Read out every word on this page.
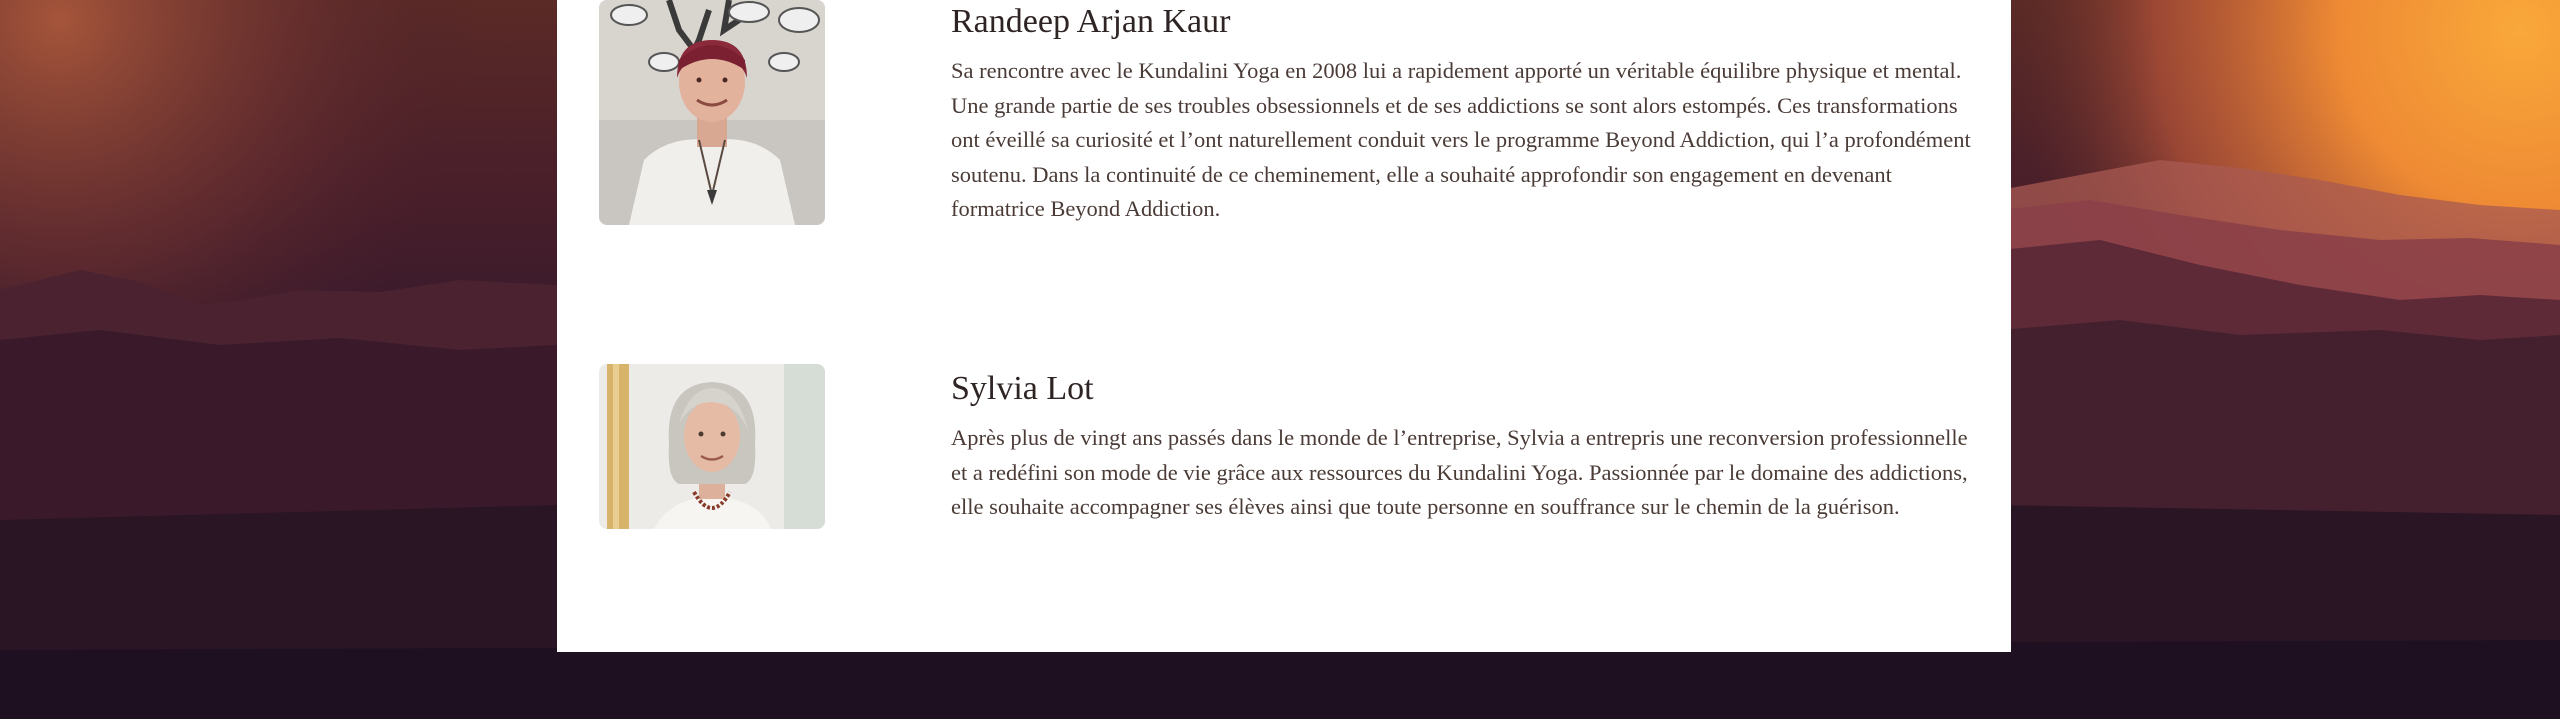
Randeep Arjan Kaur

Sa rencontre avec le Kundalini Yoga en 2008 lui a rapidement apporté un véritable équilibre physique et mental. Une grande partie de ses troubles obsessionnels et de ses addictions se sont alors estompés. Ces transformations ont éveillé sa curiosité et l’ont naturellement conduit vers le programme Beyond Addiction, qui l’a profondément soutenu. Dans la continuité de ce cheminement, elle a souhaité approfondir son engagement en devenant formatrice Beyond Addiction.

Sylvia Lot

Après plus de vingt ans passés dans le monde de l’entreprise, Sylvia a entrepris une reconversion professionnelle et a redéfini son mode de vie grâce aux ressources du Kundalini Yoga. Passionnée par le domaine des addictions, elle souhaite accompagner ses élèves ainsi que toute personne en souffrance sur le chemin de la guérison.
